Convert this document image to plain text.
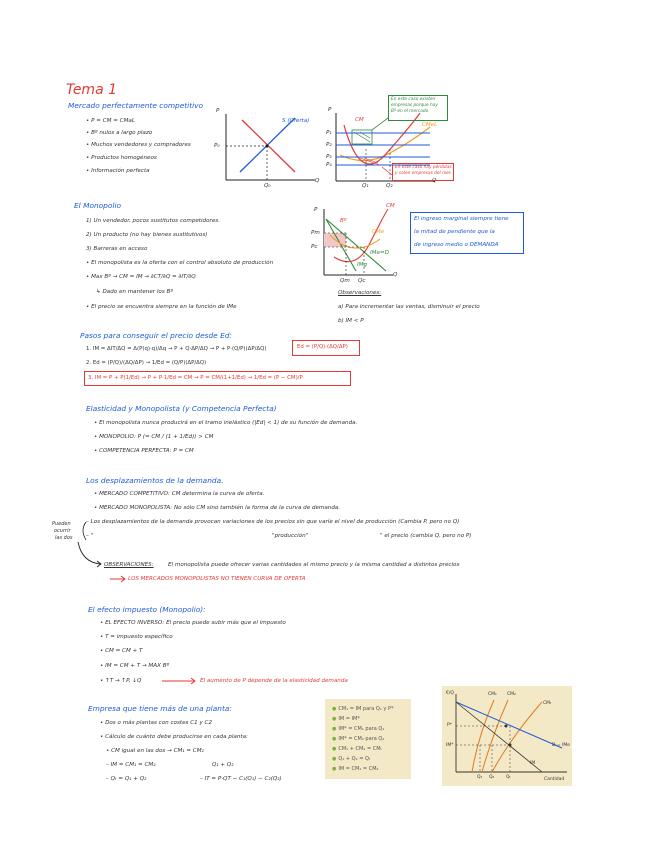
Tema 1
Mercado perfectamente competitivo
• P = CM = CMaL
• Bº nulos a largo plazo
• Muchos vendedores y compradores
• Productos homogéneos
• Información perfecta
P
P₀
Q
Q₀
S (Oferta)
P
P₁
P₂
P₃
P₄
Q
Q₁	Q₂
CM
CMeL
En este caso existen
empresas porque hay
Bº en el mercado
En este caso hay pérdidas
y salen empresas del mer.
El Monopolio
1) Un vendedor, pocos sustitutos competidores.
2) Un producto (no hay bienes sustitutivos)
3) Barreras en acceso
• El monopolista es la oferta con el control absoluto de producción
• Max Bº → CM = IM → ∂CT/∂Q = ∂IT/∂Q
↳ Dado en mantener los Bº
• El precio se encuentra siempre en la función de IMe
P
Pm
Pc
Q
Qm Qc
CM
CMe
IMg
IMe=D
Bº	El ingreso marginal siempre tiene
la mitad de pendiente que la
de ingreso medio o DEMANDA
Observaciones:
a) Para incrementar las ventas, disminuir el precio
b) IM < P
Pasos para conseguir el precio desde Ed:
1. IM = ΔIT/ΔQ = Δ(P(q)·q)/Δq → P + Q·ΔP/ΔQ → P + P·(Q/P)(ΔP/ΔQ)
2. Ed = (P/Q)/(ΔQ/ΔP) → 1/Ed = (Q/P)(ΔP/ΔQ)
3. IM = P + P(1/Ed) → P + P·1/Ed = CM → P = CM/(1+1/Ed) → 1/Ed = (P − CM)/P
Ed = (P/Q)·(ΔQ/ΔP)
Elasticidad y Monopolista (y Competencia Perfecta)
• El monopolista nunca producirá en el tramo inelástico (|Ed| < 1) de su función de demanda.
• MONOPOLIO: P (= CM / (1 + 1/Ed)) > CM
• COMPETENCIA PERFECTA: P = CM
Los desplazamientos de la demanda.
• MERCADO COMPETITIVO: CM determina la curva de oferta.
• MERCADO MONOPOLISTA: No sólo CM sino también la forma de la curva de demanda.
Pueden
ocurrir
las dos
– Los desplazamientos de la demanda provocan variaciones de los precios sin que varíe el nivel de producción (Cambia P, pero no Q)
– "	"producción"	" el precio (cambia Q, pero no P)
OBSERVACIONES:	El monopolista puede ofrecer varias cantidades al mismo precio y la misma cantidad a distintos precios
LOS MERCADOS MONOPOLISTAS NO TIENEN CURVA DE OFERTA
El efecto impuesto (Monopolio):
• EL EFECTO INVERSO: El precio puede subir más que el impuesto
• T = impuesto específico
• CM = CM + T
• IM = CM + T → MAX Bº
• ↑T → ↑P, ↓Q	El aumento de P depende de la elasticidad demanda
Empresa que tiene más de una planta:
• Dos o más plantas con costes C1 y C2
• Cálculo de cuánto debe producirse en cada planta:
• CM igual en las dos → CM₁ = CM₂
– IM = CM₁ = CM₂
– Qₜ = Q₁ + Q₂
Q₁ + Q₂
– IT = P·QT − C₁(Q₁) − C₂(Q₂)
● CM₁ = IM para Q₁ y P*
● IM = IM*
● IM* = CM₁ para Q₁
● IM* = CM₂ para Q₂
● CM₁ + CM₂ = CMₜ
● Q₁ + Q₂ = Qₜ
● IM = CM₁ = CM₂
€/Q	CM₁ CM₂
CMₜ
P*
IM*
IM
D = IMe
Q₁ Q₂	Qₜ	Cantidad
